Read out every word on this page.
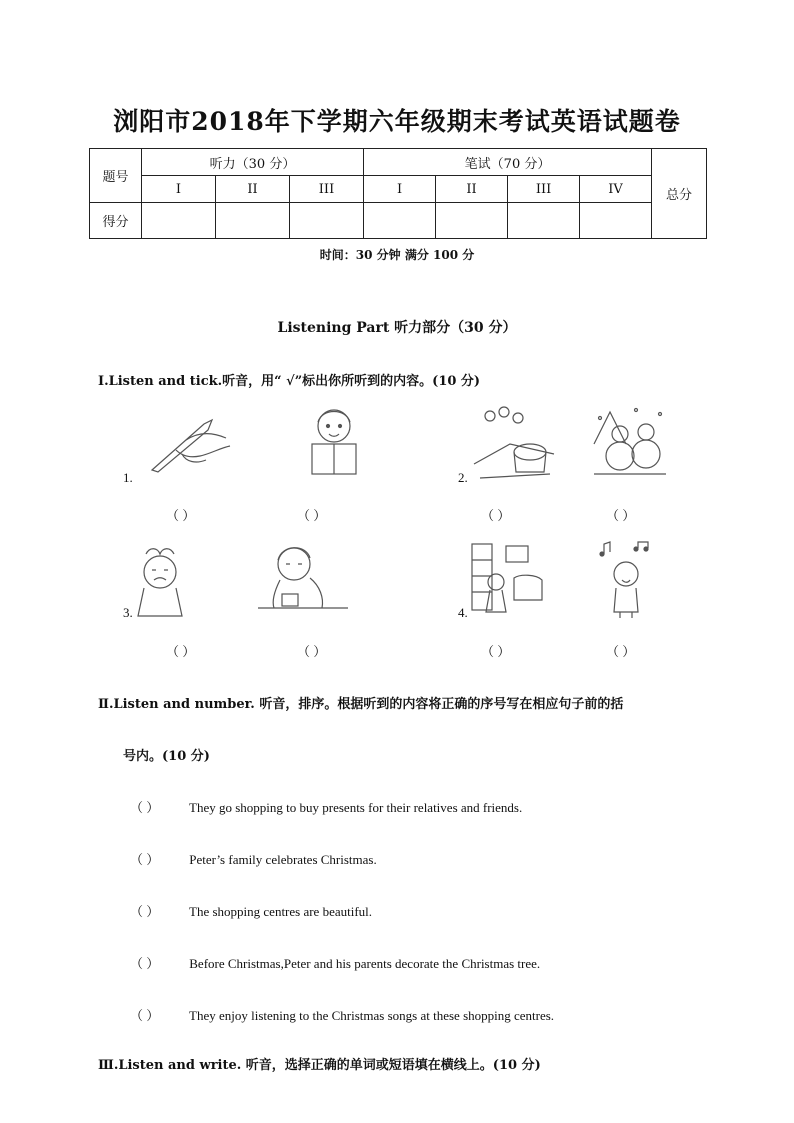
浏阳市2018年下学期六年级期末考试英语试题卷
题号	听力（30 分）			笔试（70 分）				总分
	I	II	III	I	II	III	IV	
得分								
时间：30 分钟 满分 100 分
Listening Part 听力部分（30 分）
Ⅰ.Listen and tick.听音，用“ √”标出你所听到的内容。(10 分)
1.	2.
（ ）	（ ）	（ ）	（ ）
3.	4.
（ ）	（ ）	（ ）	（ ）
Ⅱ.Listen and number. 听音，排序。根据听到的内容将正确的序号写在相应句子前的括
号内。(10 分)
（ ） They go shopping to buy presents for their relatives and friends.
（ ） Peter’s family celebrates Christmas.
（ ） The shopping centres are beautiful.
（ ） Before Christmas,Peter and his parents decorate the Christmas tree.
（ ） They enjoy listening to the Christmas songs at these shopping centres.
Ⅲ.Listen and write. 听音，选择正确的单词或短语填在横线上。(10 分)
